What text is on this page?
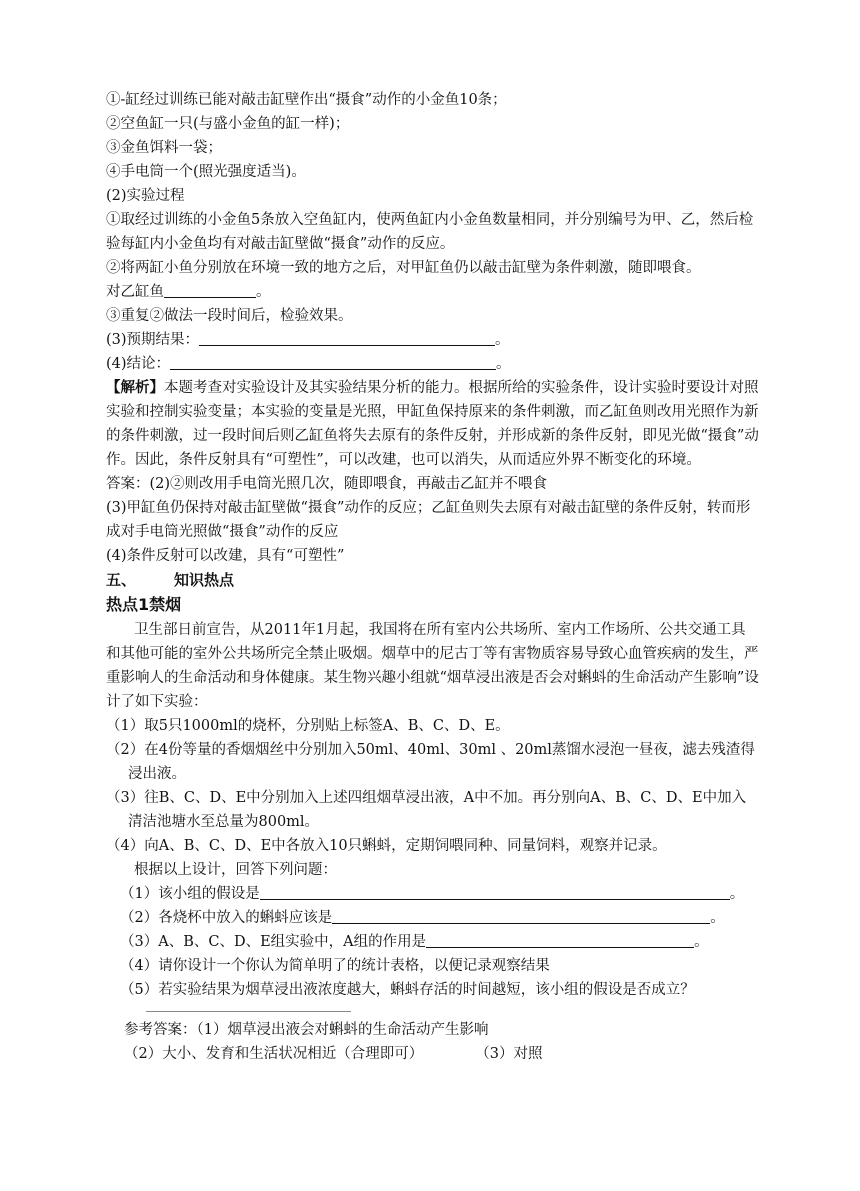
①-缸经过训练已能对敲击缸壁作出“摄食”动作的小金鱼10条；
②空鱼缸一只(与盛小金鱼的缸一样)；
③金鱼饵料一袋；
④手电筒一个(照光强度适当)。
(2)实验过程
①取经过训练的小金鱼5条放入空鱼缸内，使两鱼缸内小金鱼数量相同，并分别编号为甲、乙，然后检验每缸内小金鱼均有对敲击缸壁做“摄食”动作的反应。
②将两缸小鱼分别放在环境一致的地方之后，对甲缸鱼仍以敲击缸壁为条件刺激，随即喂食。
对乙缸鱼	。
③重复②做法一段时间后，检验效果。
(3)预期结果：	。
(4)结论：	。
【解析】本题考查对实验设计及其实验结果分析的能力。根据所给的实验条件，设计实验时要设计对照实验和控制实验变量；本实验的变量是光照，甲缸鱼保持原来的条件刺激，而乙缸鱼则改用光照作为新的条件刺激，过一段时间后则乙缸鱼将失去原有的条件反射，并形成新的条件反射，即见光做“摄食”动作。因此，条件反射具有“可塑性”，可以改建，也可以消失，从而适应外界不断变化的环境。
答案：(2)②则改用手电筒光照几次，随即喂食，再敲击乙缸并不喂食
(3)甲缸鱼仍保持对敲击缸壁做“摄食”动作的反应；乙缸鱼则失去原有对敲击缸壁的条件反射，转而形成对手电筒光照做“摄食”动作的反应
(4)条件反射可以改建，具有“可塑性”
五、	知识热点
热点1禁烟
卫生部日前宣告，从2011年1月起，我国将在所有室内公共场所、室内工作场所、公共交通工具和其他可能的室外公共场所完全禁止吸烟。烟草中的尼古丁等有害物质容易导致心血管疾病的发生，严重影响人的生命活动和身体健康。某生物兴趣小组就“烟草浸出液是否会对蝌蚪的生命活动产生影响”设计了如下实验：
（1）取5只1000ml的烧杯，分别贴上标签A、B、C、D、E。
（2）在4份等量的香烟烟丝中分别加入50ml、40ml、30ml 、20ml蒸馏水浸泡一昼夜，滤去残渣得浸出液。
（3）往B、C、D、E中分别加入上述四组烟草浸出液，A中不加。再分别向A、B、C、D、E中加入清洁池塘水至总量为800ml。
（4）向A、B、C、D、E中各放入10只蝌蚪，定期饲喂同种、同量饲料，观察并记录。
根据以上设计，回答下列问题：
（1）该小组的假设是	。
（2）各烧杯中放入的蝌蚪应该是	。
（3）A、B、C、D、E组实验中，A组的作用是	。
（4）请你设计一个你认为简单明了的统计表格，以便记录观察结果
（5）若实验结果为烟草浸出液浓度越大，蝌蚪存活的时间越短，该小组的假设是否成立？
参考答案：（1）烟草浸出液会对蝌蚪的生命活动产生影响
（2）大小、发育和生活状况相近（合理即可）	（3）对照
